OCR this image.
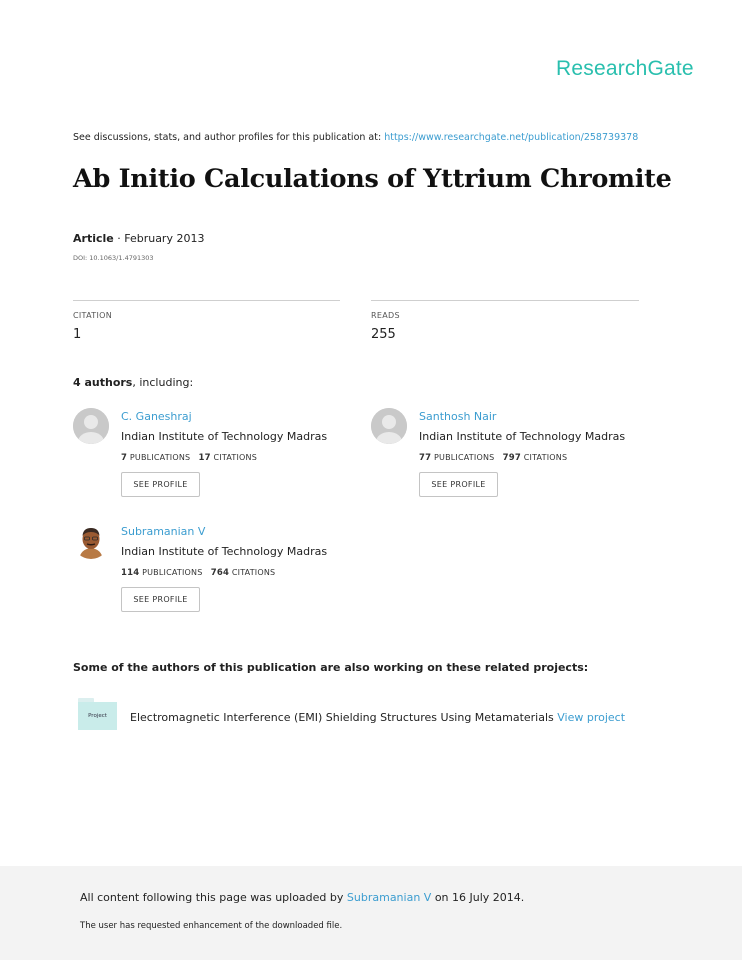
ResearchGate
See discussions, stats, and author profiles for this publication at: https://www.researchgate.net/publication/258739378
Ab Initio Calculations of Yttrium Chromite
Article · February 2013
DOI: 10.1063/1.4791303
CITATION
1
READS
255
4 authors, including:
C. Ganeshraj
Indian Institute of Technology Madras
7 PUBLICATIONS 17 CITATIONS
SEE PROFILE
Santhosh Nair
Indian Institute of Technology Madras
77 PUBLICATIONS 797 CITATIONS
SEE PROFILE
Subramanian V
Indian Institute of Technology Madras
114 PUBLICATIONS 764 CITATIONS
SEE PROFILE
Some of the authors of this publication are also working on these related projects:
Project	Electromagnetic Interference (EMI) Shielding Structures Using Metamaterials View project
All content following this page was uploaded by Subramanian V on 16 July 2014.
The user has requested enhancement of the downloaded file.
